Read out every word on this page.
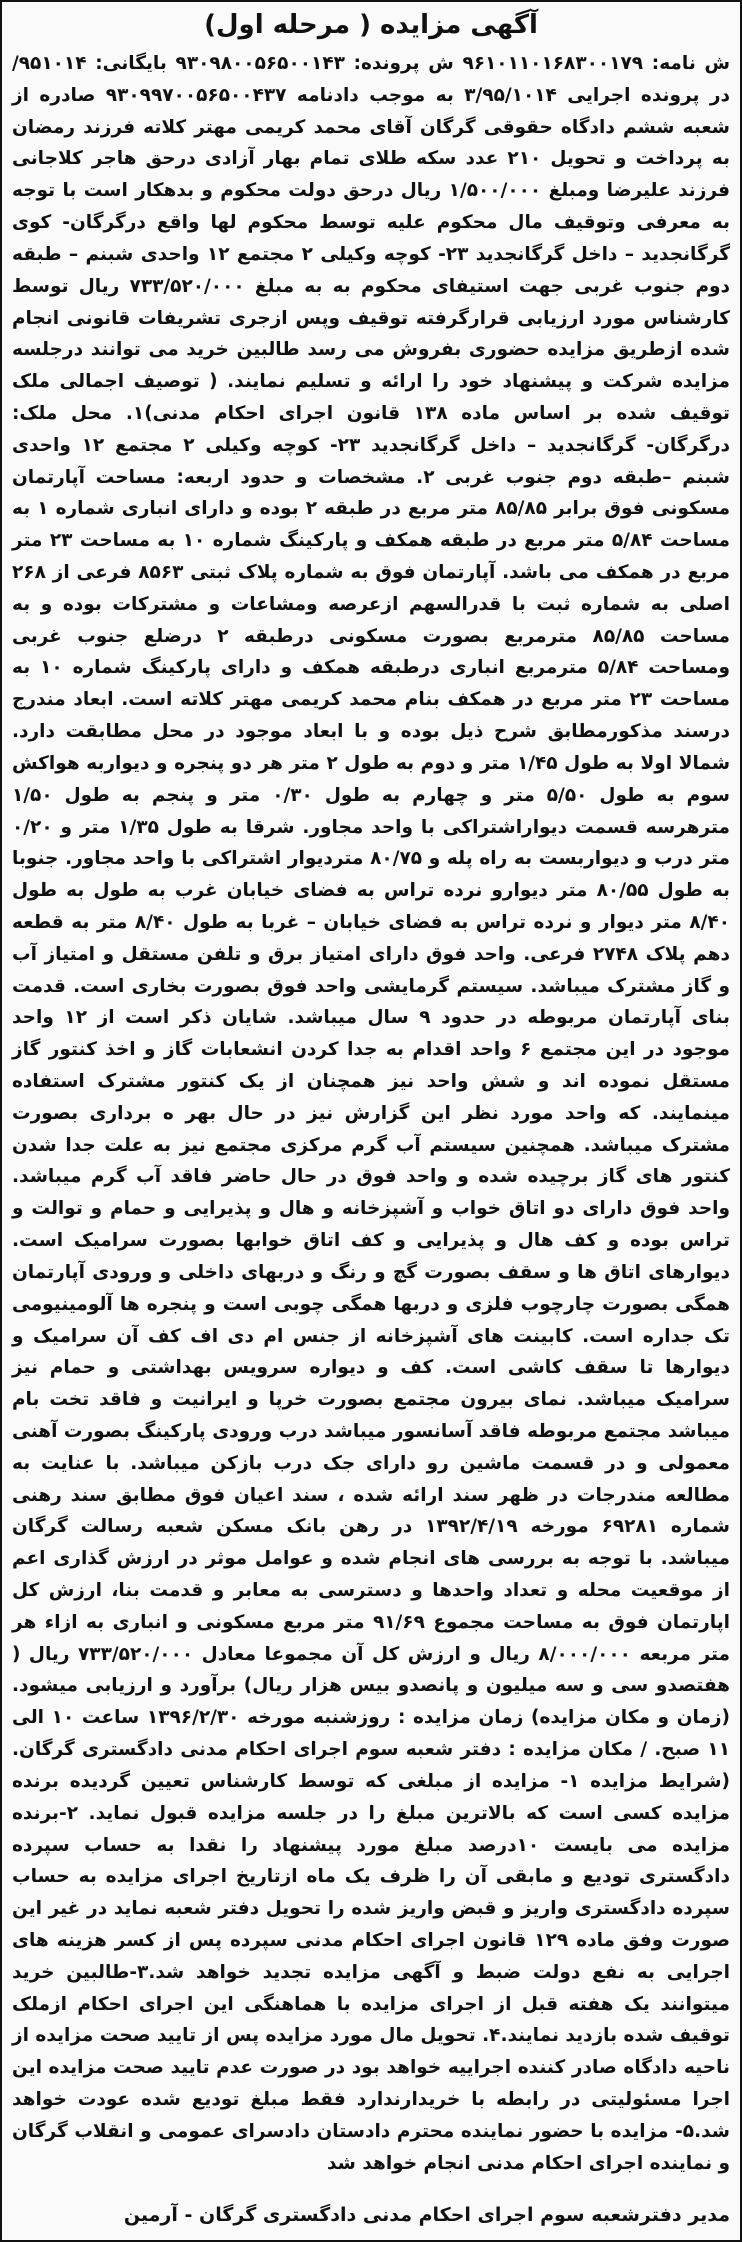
آگهی مزایده ( مرحله اول)

ش نامه: ۹۶۱۰۱۱۰۱۶۸۳۰۰۱۷۹ ش پرونده: ۹۳۰۹۸۰۰۵۶۵۰۰۱۴۳ بایگانی: ۹۵۱۰۱۴/ در پرونده اجرایی ۳/۹۵/۱۰۱۴ به موجب دادنامه ۹۳۰۹۹۷۰۰۵۶۵۰۰۴۳۷ صادره از شعبه ششم دادگاه حقوقی گرگان آقای محمد کریمی مهتر کلاته فرزند رمضان به پرداخت و تحویل ۲۱۰ عدد سکه طلای تمام بهار آزادی درحق هاجر کلاجانی فرزند علیرضا ومبلغ ۱/۵۰۰/۰۰۰ ریال درحق دولت محکوم و بدهکار است با توجه به معرفی وتوقیف مال محکوم علیه توسط محکوم لها واقع درگرگان- کوی گرگانجدید – داخل گرگانجدید ۲۳- کوچه وکیلی ۲ مجتمع ۱۲ واحدی شبنم – طبقه دوم جنوب غربی جهت استیفای محکوم به به مبلغ ۷۳۳/۵۲۰/۰۰۰ ریال توسط کارشناس مورد ارزیابی قرارگرفته توقیف وپس ازجری تشریفات قانونی انجام شده ازطریق مزایده حضوری بفروش می رسد طالبین خرید می توانند درجلسه مزایده شرکت و پیشنهاد خود را ارائه و تسلیم نمایند. ( توصیف اجمالی ملک توقیف شده بر اساس ماده ۱۳۸ قانون اجرای احکام مدنی)۱. محل ملک: درگرگان- گرگانجدید – داخل گرگانجدید ۲۳- کوچه وکیلی ۲ مجتمع ۱۲ واحدی شبنم –طبقه دوم جنوب غربی ۲. مشخصات و حدود اربعه: مساحت آپارتمان مسکونی فوق برابر ۸۵/۸۵ متر مربع در طبقه ۲ بوده و دارای انباری شماره ۱ به مساحت ۵/۸۴ متر مربع در طبقه همکف و پارکینگ شماره ۱۰ به مساحت ۲۳ متر مربع در همکف می باشد. آپارتمان فوق به شماره پلاک ثبتی ۸۵۶۳ فرعی از ۲۶۸ اصلی به شماره ثبت با قدرالسهم ازعرصه ومشاعات و مشترکات بوده و به مساحت ۸۵/۸۵ مترمربع بصورت مسکونی درطبقه ۲ درضلع جنوب غربی ومساحت ۵/۸۴ مترمربع انباری درطبقه همکف و دارای پارکینگ شماره ۱۰ به مساحت ۲۳ متر مربع در همکف بنام محمد کریمی مهتر کلاته است. ابعاد مندرج درسند مذکورمطابق شرح ذیل بوده و با ابعاد موجود در محل مطابقت دارد. شمالا اولا به طول ۱/۴۵ متر و دوم به طول ۲ متر هر دو پنجره و دیواربه هواکش سوم به طول ۵/۵۰ متر و چهارم به طول ۰/۳۰ متر و پنجم به طول ۱/۵۰ مترهرسه قسمت دیواراشتراکی با واحد مجاور. شرقا به طول ۱/۳۵ متر و ۰/۲۰ متر درب و دیواربست به راه پله و ۸۰/۷۵ متردیوار اشتراکی با واحد مجاور. جنوبا به طول ۸۰/۵۵ متر دیوارو نرده تراس به فضای خیابان غرب به طول به طول ۸/۴۰ متر دیوار و نرده تراس به فضای خیابان – غربا به طول ۸/۴۰ متر به قطعه دهم پلاک ۲۷۴۸ فرعی. واحد فوق دارای امتیاز برق و تلفن مستقل و امتیاز آب و گاز مشترک میباشد. سیستم گرمایشی واحد فوق بصورت بخاری است. قدمت بنای آپارتمان مربوطه در حدود ۹ سال میباشد. شایان ذکر است از ۱۲ واحد موجود در این مجتمع ۶ واحد اقدام به جدا کردن انشعابات گاز و اخذ کنتور گاز مستقل نموده اند و شش واحد نیز همچنان از یک کنتور مشترک استفاده مینمایند. که واحد مورد نظر این گزارش نیز در حال بهر ه برداری بصورت مشترک میباشد. همچنین سیستم آب گرم مرکزی مجتمع نیز به علت جدا شدن کنتور های گاز برچیده شده و واحد فوق در حال حاضر فاقد آب گرم میباشد. واحد فوق دارای دو اتاق خواب و آشپزخانه و هال و پذیرایی و حمام و توالت و تراس بوده و کف هال و پذیرایی و کف اتاق خوابها بصورت سرامیک است. دیوارهای اتاق ها و سقف بصورت گچ و رنگ و دربهای داخلی و ورودی آپارتمان همگی بصورت چارچوب فلزی و دربها همگی چوبی است و پنجره ها آلومینیومی تک جداره است. کابینت های آشپزخانه از جنس ام دی اف کف آن سرامیک و دیوارها تا سقف کاشی است. کف و دیواره سرویس بهداشتی و حمام نیز سرامیک میباشد. نمای بیرون مجتمع بصورت خرپا و ایرانیت و فاقد تخت بام میباشد مجتمع مربوطه فاقد آسانسور میباشد درب ورودی پارکینگ بصورت آهنی معمولی و در قسمت ماشین رو دارای جک درب بازکن میباشد. با عنایت به مطالعه مندرجات در ظهر سند ارائه شده ، سند اعیان فوق مطابق سند رهنی شماره ۶۹۲۸۱ مورخه ۱۳۹۲/۴/۱۹ در رهن بانک مسکن شعبه رسالت گرگان میباشد. با توجه به بررسی های انجام شده و عوامل موثر در ارزش گذاری اعم از موقعیت محله و تعداد واحدها و دسترسی به معابر و قدمت بنا، ارزش کل اپارتمان فوق به مساحت مجموع ۹۱/۶۹ متر مربع مسکونی و انباری به ازاء هر متر مربعه ۸/۰۰۰/۰۰۰ ریال و ارزش کل آن مجموعا معادل ۷۳۳/۵۲۰/۰۰۰ ریال ( هفتصدو سی و سه میلیون و پانصدو بیس هزار ریال) برآورد و ارزیابی میشود.(زمان و مکان مزایده) زمان مزایده : روزشنبه مورخه ۱۳۹۶/۲/۳۰ ساعت ۱۰ الی ۱۱ صبح. / مکان مزایده : دفتر شعبه سوم اجرای احکام مدنی دادگستری گرگان. (شرایط مزایده ۱- مزایده از مبلغی که توسط کارشناس تعیین گردیده برنده مزایده کسی است که بالاترین مبلغ را در جلسه مزایده قبول نماید. ۲-برنده مزایده می بایست ۱۰درصد مبلغ مورد پیشنهاد را نقدا به حساب سپرده دادگستری تودیع و مابقی آن را ظرف یک ماه ازتاریخ اجرای مزایده به حساب سپرده دادگستری واریز و قبض واریز شده را تحویل دفتر شعبه نماید در غیر این صورت وفق ماده ۱۲۹ قانون اجرای احکام مدنی سپرده پس از کسر هزینه های اجرایی به نفع دولت ضبط و آگهی مزایده تجدید خواهد شد.۳-طالبین خرید میتوانند یک هفته قبل از اجرای مزایده با هماهنگی این اجرای احکام ازملک توقیف شده بازدید نمایند.۴. تحویل مال مورد مزایده پس از تایید صحت مزایده از ناحیه دادگاه صادر کننده اجراییه خواهد بود در صورت عدم تایید صحت مزایده این اجرا مسئولیتی در رابطه با خریدارندارد فقط مبلغ تودیع شده عودت خواهد شد.۵- مزایده با حضور نماینده محترم دادستان دادسرای عمومی و انقلاب گرگان و نماینده اجرای احکام مدنی انجام خواهد شد

مدیر دفترشعبه سوم اجرای احکام مدنی دادگستری گرگان - آرمین
